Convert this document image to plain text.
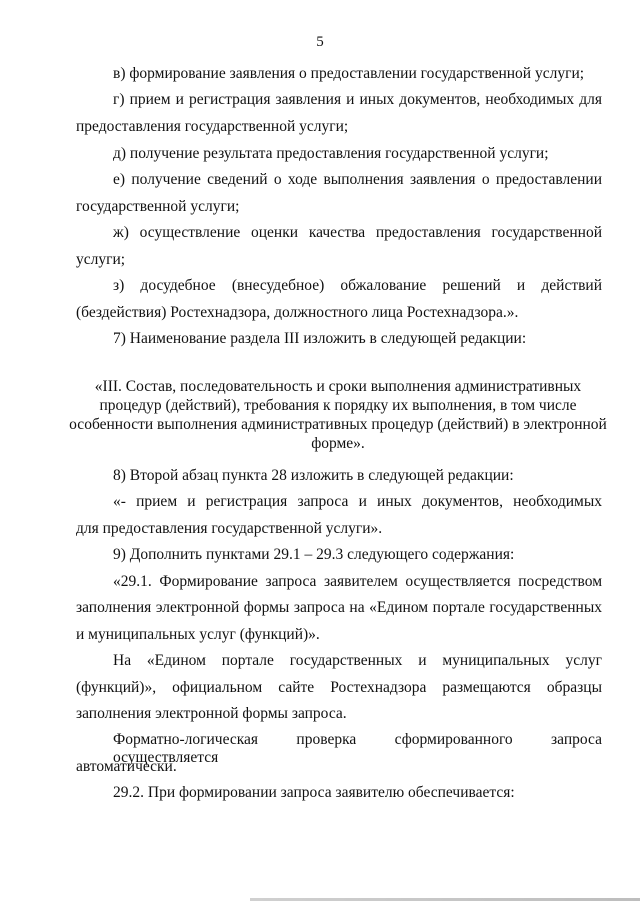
5
в) формирование заявления о предоставлении государственной услуги;
г) прием и регистрация заявления и иных документов, необходимых для
предоставления государственной услуги;
д) получение результата предоставления государственной услуги;
е) получение сведений о ходе выполнения заявления о предоставлении
государственной услуги;
ж) осуществление оценки качества предоставления государственной
услуги;
з) досудебное (внесудебное) обжалование решений и действий
(бездействия) Ростехнадзора, должностного лица Ростехнадзора.».
7) Наименование раздела III изложить в следующей редакции:
«III. Состав, последовательность и сроки выполнения административных
процедур (действий), требования к порядку их выполнения, в том числе
особенности выполнения административных процедур (действий) в электронной
форме».
8) Второй абзац пункта 28 изложить в следующей редакции:
«- прием и регистрация запроса и иных документов, необходимых
для предоставления государственной услуги».
9) Дополнить пунктами 29.1 – 29.3 следующего содержания:
«29.1. Формирование запроса заявителем осуществляется посредством
заполнения электронной формы запроса на «Едином портале государственных
и муниципальных услуг (функций)».
На «Едином портале государственных и муниципальных услуг
(функций)», официальном сайте Ростехнадзора размещаются образцы
заполнения электронной формы запроса.
Форматно-логическая проверка сформированного запроса осуществляется
автоматически.
29.2. При формировании запроса заявителю обеспечивается:
